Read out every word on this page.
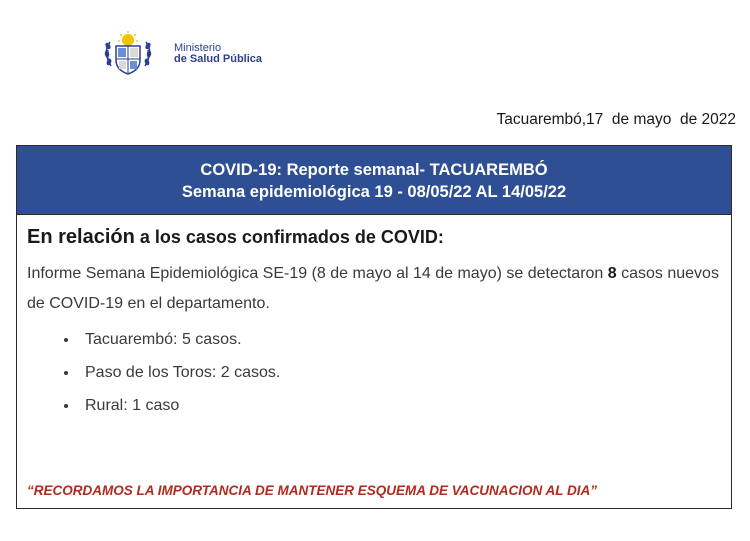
Ministerio
de Salud Pública
Tacuarembó,17  de mayo  de 2022
COVID-19: Reporte semanal- TACUAREMBÓ
Semana epidemiológica 19 - 08/05/22 AL 14/05/22
En relación a los casos confirmados de COVID:
Informe Semana Epidemiológica SE-19 (8 de mayo al 14 de mayo) se detectaron 8 casos nuevos de COVID-19 en el departamento.
• Tacuarembó: 5 casos.
• Paso de los Toros: 2 casos.
• Rural: 1 caso
“RECORDAMOS LA IMPORTANCIA DE MANTENER ESQUEMA DE VACUNACION AL DIA”
